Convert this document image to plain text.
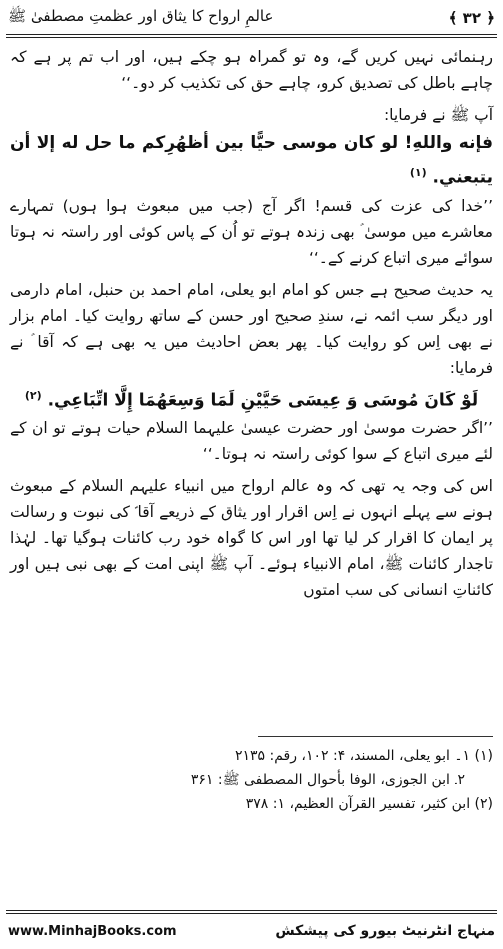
﴿ ۳۲ ﴾
عالمِ ارواح کا یثاق اور عظمتِ مصطفیٰ ﷺ

رہنمائی نہیں کریں گے، وہ تو گمراہ ہو چکے ہیں، اور اب تم پر ہے کہ چاہے باطل کی تصدیق کرو، چاہے حق کی تکذیب کر دو۔‘‘

آپ ﷺ نے فرمایا:

فإنه واللهِ! لو كان موسى حيًّا بين أظهُرِكم ما حل له إلا أن يتبعني. $^{(۱)}$

’’خدا کی عزت کی قسم! اگر آج (جب میں مبعوث ہوا ہوں) تمہارے معاشرے میں موسیٰ ؑ بھی زندہ ہوتے تو اُن کے پاس کوئی اور راستہ نہ ہوتا سوائے میری اتباع کرنے کے۔‘‘

یہ حدیث صحیح ہے جس کو امام ابو یعلی، امام احمد بن حنبل، امام دارمی اور دیگر سب ائمہ نے، سندِ صحیح اور حسن کے ساتھ روایت کیا۔ امام بزار نے بھی اِس کو روایت کیا۔ پھر بعض احادیث میں یہ بھی ہے کہ آقا ؑ نے فرمایا:

لَوْ كَانَ مُوسَى وَ عِيسَى حَيَّيْنِ لَمَا وَسِعَهُمَا إِلَّا اتِّبَاعِي. $^{(۲)}$

’’اگر حضرت موسیٰ اور حضرت عیسیٰ علیہما السلام حیات ہوتے تو ان کے لئے میری اتباع کے سوا کوئی راستہ نہ ہوتا۔‘‘

اس کی وجہ یہ تھی کہ وہ عالم ارواح میں انبیاء علیہم السلام کے مبعوث ہونے سے پہلے انہوں نے اِس اقرار اور یثاق کے ذریعے آقا ؑ کی نبوت و رسالت پر ایمان کا اقرار کر لیا تھا اور اس کا گواہ خود رب کائنات ہوگیا تھا۔ لہٰذا تاجدار کائنات ﷺ، امام الانبیاء ہوئے۔ آپ ﷺ اپنی امت کے بھی نبی ہیں اور کائناتِ انسانی کی سب امتوں

(۱) ۱۔ ابو یعلی، المسند، ۴: ۱۰۲، رقم: ۲۱۳۵

۲۔ ابن الجوزی، الوفا بأحوال المصطفی ﷺ: ۳۶۱

(۲) ابن کثیر، تفسیر القرآن العظیم، ۱: ۳۷۸

www.MinhajBooks.com	منہاج انٹرنیٹ بیورو کی پیشکش
